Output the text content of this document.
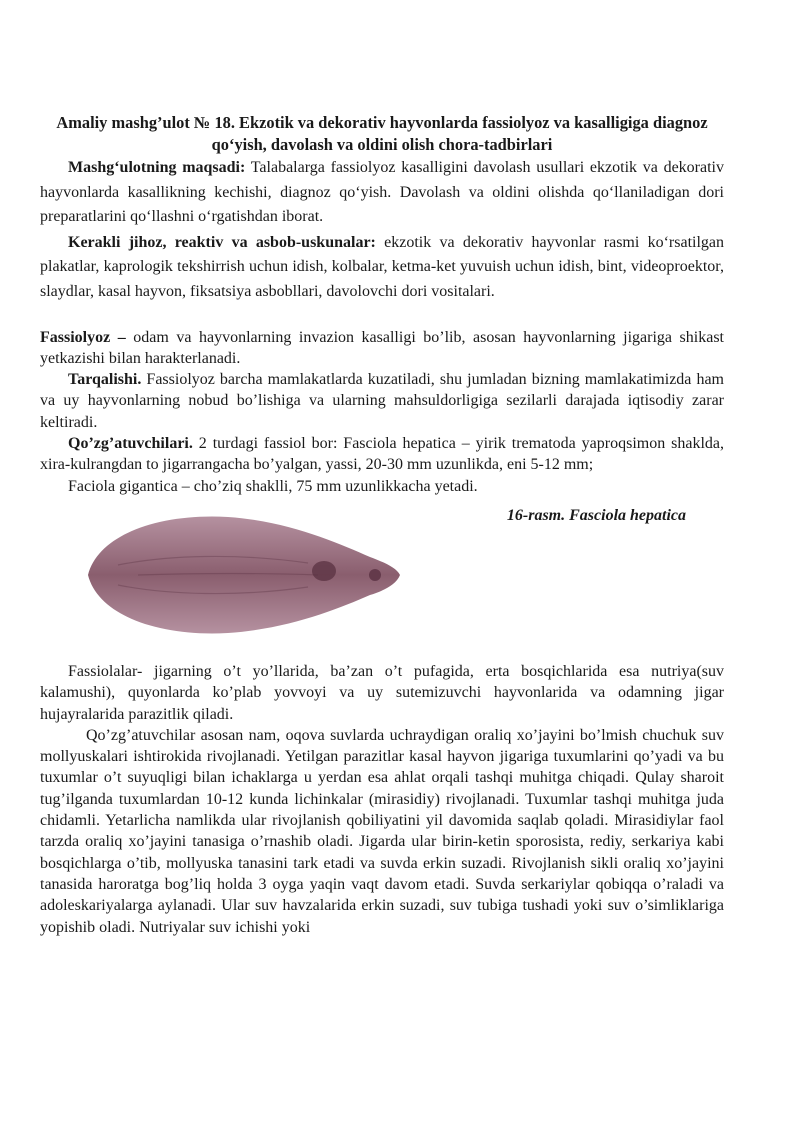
Amaliy mashg’ulot № 18. Ekzotik va dekorativ hayvonlarda fassiolyoz va kasalligiga diagnoz qo‘yish, davolash va oldini olish chora-tadbirlari

Mashg‘ulotning maqsadi: Talabalarga fassiolyoz kasalligini davolash usullari ekzotik va dekorativ hayvonlarda kasallikning kechishi, diagnoz qo‘yish. Davolash va oldini olishda qo‘llaniladigan dori preparatlarini qo‘llashni o‘rgatishdan iborat.

Kerakli jihoz, reaktiv va asbob-uskunalar: ekzotik va dekorativ hayvonlar rasmi ko‘rsatilgan plakatlar, kaprologik tekshirrish uchun idish, kolbalar, ketma-ket yuvuish uchun idish, bint, videoproektor, slaydlar, kasal hayvon, fiksatsiya asbobllari, davolovchi dori vositalari.

Fassiolyoz – odam va hayvonlarning invazion kasalligi bo’lib, asosan hayvonlarning jigariga shikast yetkazishi bilan harakterlanadi.

Tarqalishi. Fassiolyoz barcha mamlakatlarda kuzatiladi, shu jumladan bizning mamlakatimizda ham va uy hayvonlarning nobud bo’lishiga va ularning mahsuldorligiga sezilarli darajada iqtisodiy zarar keltiradi.

Qo’zg’atuvchilari. 2 turdagi fassiol bor: Fasciola hepatica – yirik trematoda yaproqsimon shaklda, xira-kulrangdan to jigarrangacha bo’yalgan, yassi, 20-30 mm uzunlikda, eni 5-12 mm;

Faciola gigantica – cho’ziq shaklli, 75 mm uzunlikkacha yetadi.

16-rasm. Fasciola hepatica

Fassiolalar- jigarning o’t yo’llarida, ba’zan o’t pufagida, erta bosqichlarida esa nutriya(suv kalamushi), quyonlarda ko’plab yovvoyi va uy sutemizuvchi hayvonlarida va odamning jigar hujayralarida parazitlik qiladi.

Qo’zg’atuvchilar asosan nam, oqova suvlarda uchraydigan oraliq xo’jayini bo’lmish chuchuk suv mollyuskalari ishtirokida rivojlanadi. Yetilgan parazitlar kasal hayvon jigariga tuxumlarini qo’yadi va bu tuxumlar o’t suyuqligi bilan ichaklarga u yerdan esa ahlat orqali tashqi muhitga chiqadi. Qulay sharoit tug’ilganda tuxumlardan 10-12 kunda lichinkalar (mirasidiy) rivojlanadi. Tuxumlar tashqi muhitga juda chidamli. Yetarlicha namlikda ular rivojlanish qobiliyatini yil davomida saqlab qoladi. Mirasidiylar faol tarzda oraliq xo’jayini tanasiga o’rnashib oladi. Jigarda ular birin-ketin sporosista, rediy, serkariya kabi bosqichlarga o’tib, mollyuska tanasini tark etadi va suvda erkin suzadi. Rivojlanish sikli oraliq xo’jayini tanasida haroratga bog’liq holda 3 oyga yaqin vaqt davom etadi. Suvda serkariylar qobiqqa o’raladi va adoleskariyalarga aylanadi. Ular suv havzalarida erkin suzadi, suv tubiga tushadi yoki suv o’simliklariga yopishib oladi. Nutriyalar suv ichishi yoki
